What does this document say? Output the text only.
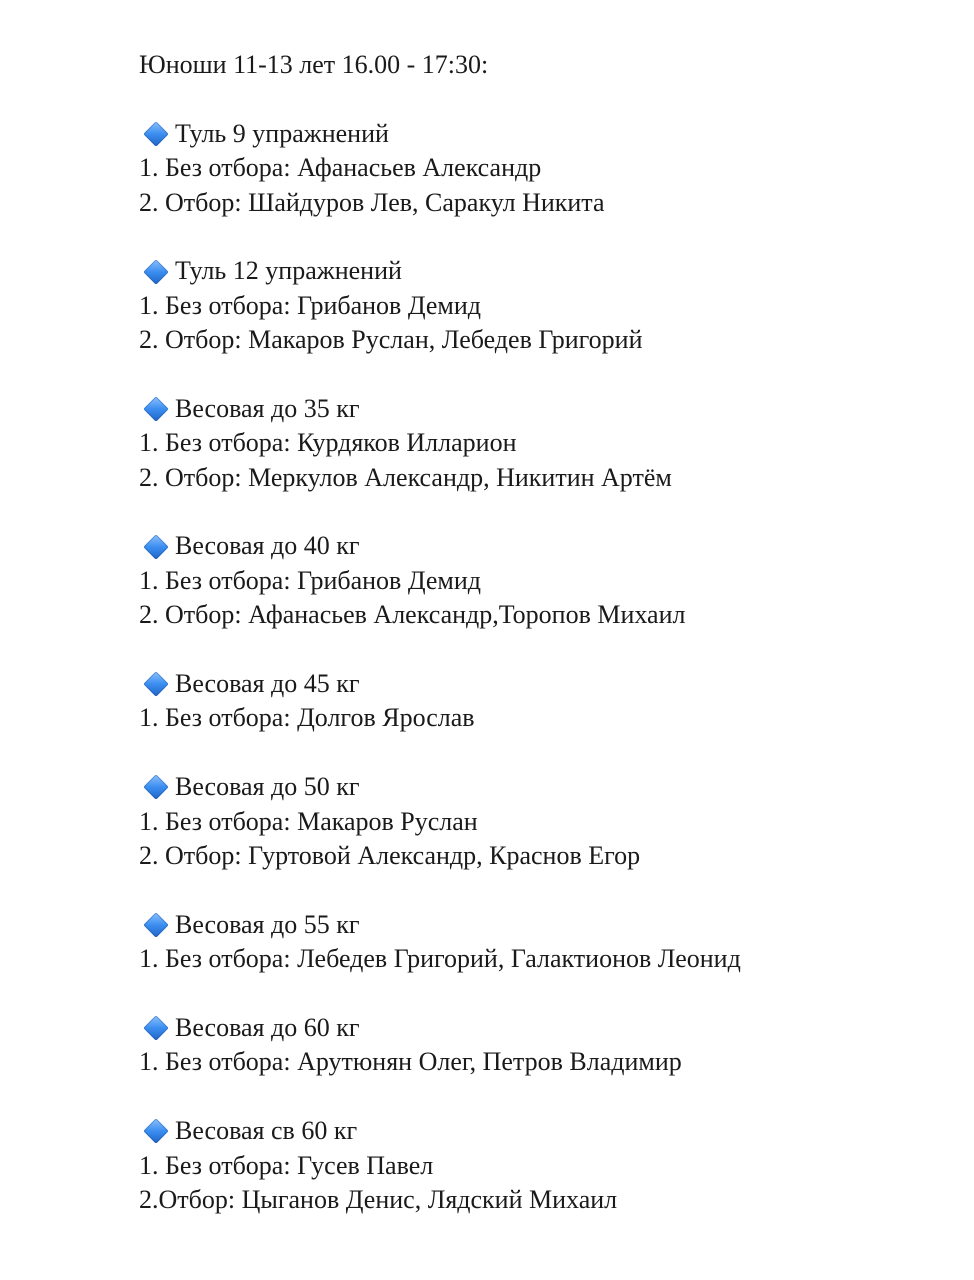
Юноши 11-13 лет 16.00 - 17:30:
Туль 9 упражнений
1. Без отбора: Афанасьев Александр
2. Отбор: Шайдуров Лев, Саракул Никита
Туль 12 упражнений
1. Без отбора: Грибанов Демид
2. Отбор: Макаров Руслан, Лебедев Григорий
Весовая до 35 кг
1. Без отбора: Курдяков Илларион
2. Отбор: Меркулов Александр, Никитин Артём
Весовая до 40 кг
1. Без отбора: Грибанов Демид
2. Отбор: Афанасьев Александр,Торопов Михаил
Весовая до 45 кг
1. Без отбора: Долгов Ярослав
Весовая до 50 кг
1. Без отбора: Макаров Руслан
2. Отбор: Гуртовой Александр, Краснов Егор
Весовая до 55 кг
1. Без отбора: Лебедев Григорий, Галактионов Леонид
Весовая до 60 кг
1. Без отбора: Арутюнян Олег, Петров Владимир
Весовая св 60 кг
1. Без отбора: Гусев Павел
2.Отбор: Цыганов Денис, Лядский Михаил
